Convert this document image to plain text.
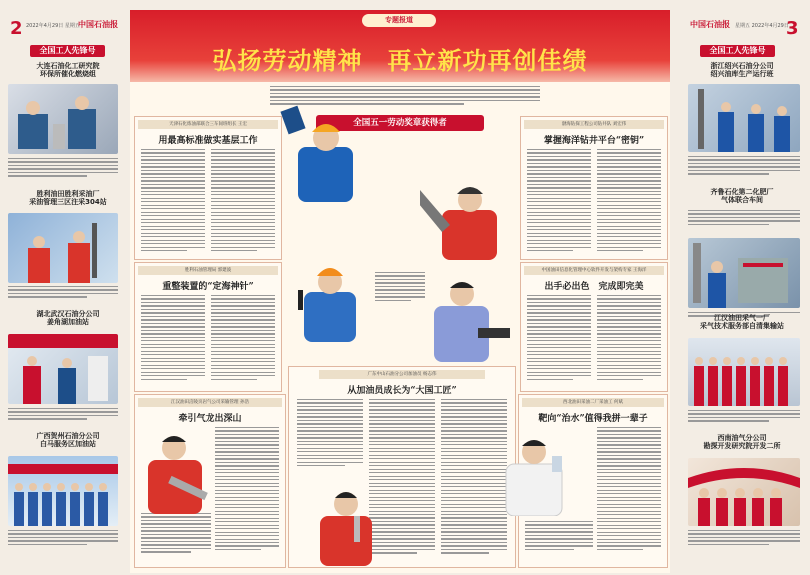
2 2022年4月29日 星期五
中国石油报	3
中国石油报 星期五 2022年4月29日
全国工人先锋号
大连石油化工研究院
环保所催化燃烧组
胜利油田胜利采油厂
采油管理三区注采304站
湖北武汉石油分公司
姜角湖加油站
广西贺州石油分公司
白马服务区加油站
全国工人先锋号
浙江绍兴石油分公司
绍兴油库生产运行班
齐鲁石化第二化肥厂
气体联合车间
江汉油田采气一厂
采气技术服务部自清集输站
西南油气分公司
勘探开发研究院开发二所
专题报道
弘扬劳动精神　再立新功再创佳绩
全国五一劳动奖章获得者
天津石化炼油部联合三车间班组长 王宏
用最高标准做实基层工作
渤海钻探工程公司钻井队 刘宏伟
掌握海洋钻井平台“密钥”
胜利石油管理局 郭建波
重整装置的“定海神针”
中国油田信息化管理中心软件开发与架构专家 王海洋
出手必出色　完成即完美
广东中山石油分公司加油员 杨志伟
从加油员成长为“大国工匠”
江汉油田涪陵页岩气公司采输管理 孙浩
牵引气龙出深山
西北油田采油二厂采油工 何斌
靶向“治水”值得我拼一辈子
